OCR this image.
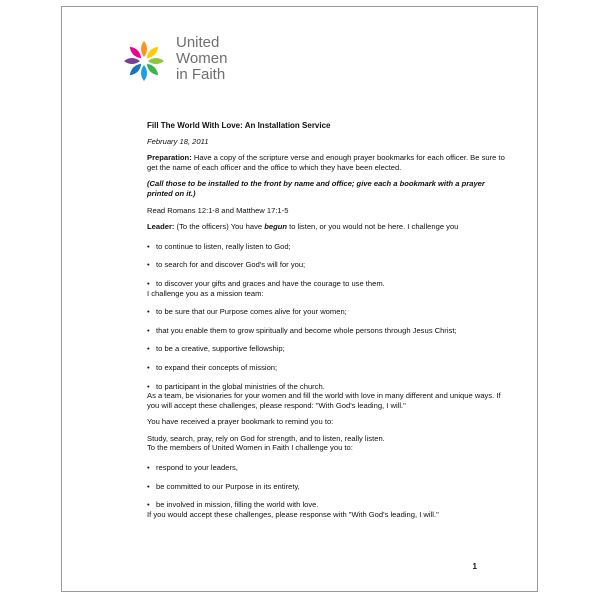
United
Women
in Faith

Fill The World With Love: An Installation Service

February 18, 2011

Preparation: Have a copy of the scripture verse and enough prayer bookmarks for each officer. Be sure to get the name of each officer and the office to which they have been elected.

(Call those to be installed to the front by name and office; give each a bookmark with a prayer printed on it.)

Read Romans 12:1-8 and Matthew 17:1-5

Leader: (To the officers) You have begun to listen, or you would not be here. I challenge you

• to continue to listen, really listen to God;
• to search for and discover God's will for you;
• to discover your gifts and graces and have the courage to use them.

I challenge you as a mission team:

• to be sure that our Purpose comes alive for your women;
• that you enable them to grow spiritually and become whole persons through Jesus Christ;
• to be a creative, supportive fellowship;
• to expand their concepts of mission;
• to participant in the global ministries of the church.

As a team, be visionaries for your women and fill the world with love in many different and unique ways. If you will accept these challenges, please respond: "With God's leading, I will."

You have received a prayer bookmark to remind you to:

Study, search, pray, rely on God for strength, and to listen, really listen.

To the members of United Women in Faith I challenge you to:

• respond to your leaders,
• be committed to our Purpose in its entirety,
• be involved in mission, filling the world with love.

If you would accept these challenges, please response with "With God's leading, I will."

1
